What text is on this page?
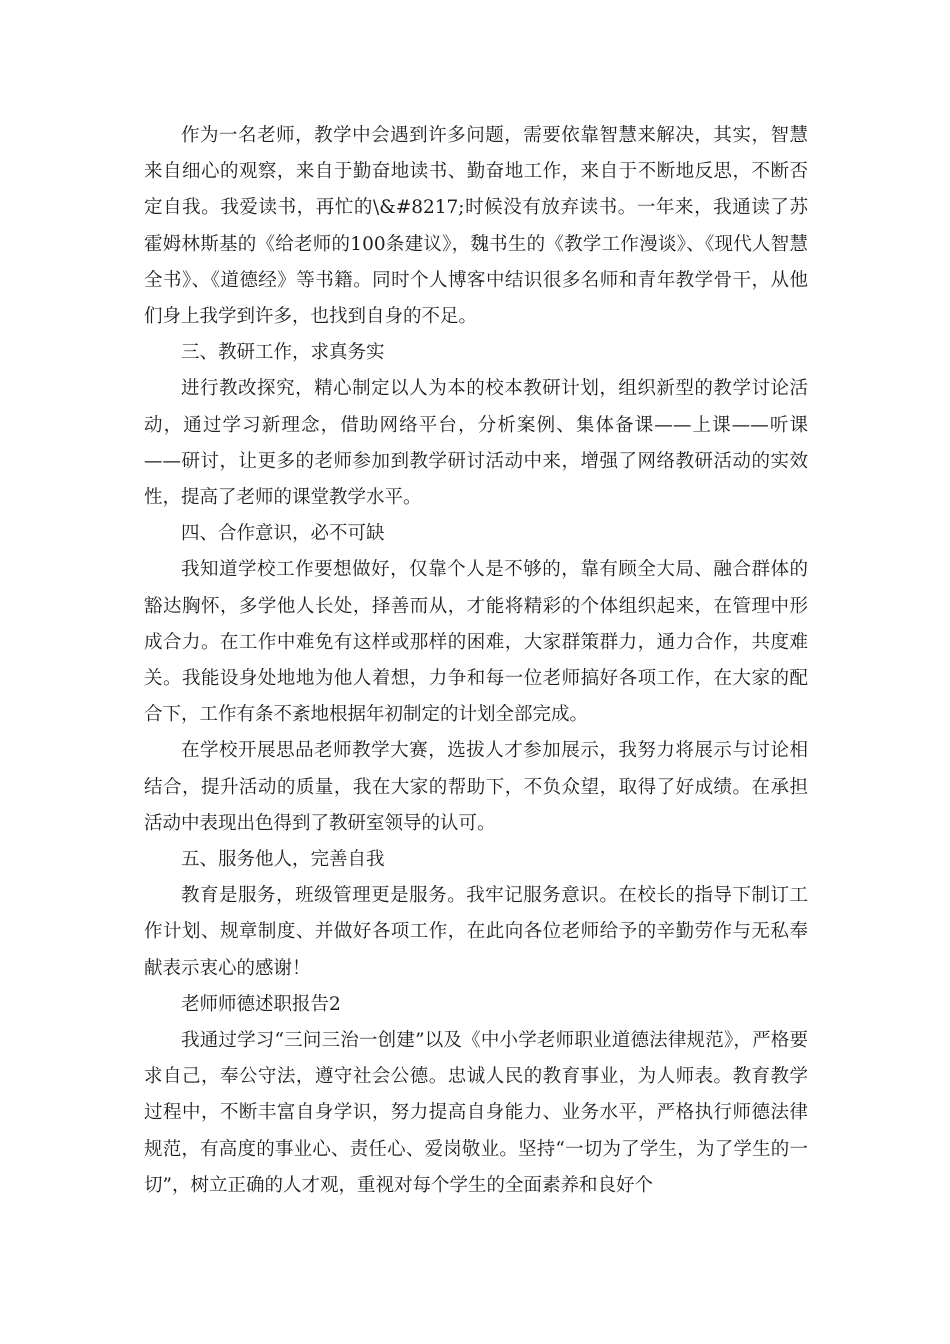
作为一名老师，教学中会遇到许多问题，需要依靠智慧来解决，其实，智慧来自细心的观察，来自于勤奋地读书、勤奋地工作，来自于不断地反思，不断否定自我。我爱读书，再忙的\&#8217;时候没有放弃读书。一年来，我通读了苏霍姆林斯基的《给老师的100条建议》，魏书生的《教学工作漫谈》、《现代人智慧全书》、《道德经》等书籍。同时个人博客中结识很多名师和青年教学骨干，从他们身上我学到许多，也找到自身的不足。

三、教研工作，求真务实

进行教改探究，精心制定以人为本的校本教研计划，组织新型的教学讨论活动，通过学习新理念，借助网络平台，分析案例、集体备课——上课——听课——研讨，让更多的老师参加到教学研讨活动中来，增强了网络教研活动的实效性，提高了老师的课堂教学水平。

四、合作意识，必不可缺

我知道学校工作要想做好，仅靠个人是不够的，靠有顾全大局、融合群体的豁达胸怀，多学他人长处，择善而从，才能将精彩的个体组织起来，在管理中形成合力。在工作中难免有这样或那样的困难，大家群策群力，通力合作，共度难关。我能设身处地地为他人着想，力争和每一位老师搞好各项工作，在大家的配合下，工作有条不紊地根据年初制定的计划全部完成。

在学校开展思品老师教学大赛，选拔人才参加展示，我努力将展示与讨论相结合，提升活动的质量，我在大家的帮助下，不负众望，取得了好成绩。在承担活动中表现出色得到了教研室领导的认可。

五、服务他人，完善自我

教育是服务，班级管理更是服务。我牢记服务意识。在校长的指导下制订工作计划、规章制度、并做好各项工作，在此向各位老师给予的辛勤劳作与无私奉献表示衷心的感谢！

老师师德述职报告2

我通过学习“三问三治一创建”以及《中小学老师职业道德法律规范》，严格要求自己，奉公守法，遵守社会公德。忠诚人民的教育事业，为人师表。教育教学过程中，不断丰富自身学识，努力提高自身能力、业务水平，严格执行师德法律规范，有高度的事业心、责任心、爱岗敬业。坚持“一切为了学生，为了学生的一切”，树立正确的人才观，重视对每个学生的全面素养和良好个
